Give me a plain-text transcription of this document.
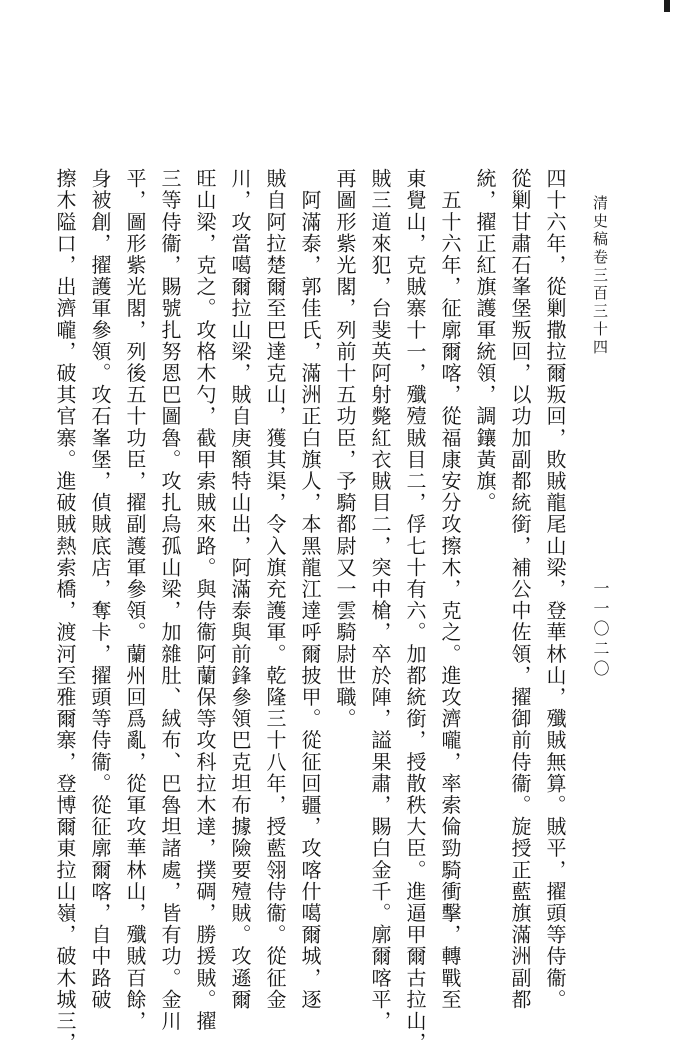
清史稿卷三百三十四
一一〇二〇
四十六年，從剿撒拉爾叛回，敗賊龍尾山梁，登華林山，殲賊無算。賊平，擢頭等侍衞。
從剿甘肅石峯堡叛回，以功加副都統銜，補公中佐領，擢御前侍衞。旋授正藍旗滿洲副都
統，擢正紅旗護軍統領，調鑲黃旗。
　五十六年，征廓爾喀，從福康安分攻擦木，克之。進攻濟嚨，率索倫勁騎衝擊，轉戰至
東覺山，克賊寨十一，殲殪賊目二，俘七十有六。加都統銜，授散秩大臣。進逼甲爾古拉山，
賊三道來犯，台斐英阿射斃紅衣賊目二，突中槍，卒於陣，謚果肅，賜白金千。廓爾喀平，
再圖形紫光閣，列前十五功臣，予騎都尉又一雲騎尉世職。
　阿滿泰，郭佳氏，滿洲正白旗人，本黑龍江達呼爾披甲。從征回疆，攻喀什噶爾城，逐
賊自阿拉楚爾至巴達克山，獲其渠，令入旗充護軍。乾隆三十八年，授藍翎侍衞。從征金
川，攻當噶爾拉山梁，賊自庚額特山出，阿滿泰與前鋒參領巴克坦布據險要殪賊。攻遜爾
旺山梁，克之。攻格木勺，截甲索賊來路。與侍衞阿蘭保等攻科拉木達，撲碉，勝援賊。擢
三等侍衞，賜號扎努恩巴圖魯。攻扎烏孤山梁，加雜肚、絨布、巴魯坦諸處，皆有功。金川
平，圖形紫光閣，列後五十功臣，擢副護軍參領。蘭州回爲亂，從軍攻華林山，殲賊百餘，
身被創，擢護軍參領。攻石峯堡，偵賊底店，奪卡，擢頭等侍衞。從征廓爾喀，自中路破
擦木隘口，出濟嚨，破其官寨。進破賊熱索橋，渡河至雅爾寨，登博爾東拉山嶺，破木城三，
